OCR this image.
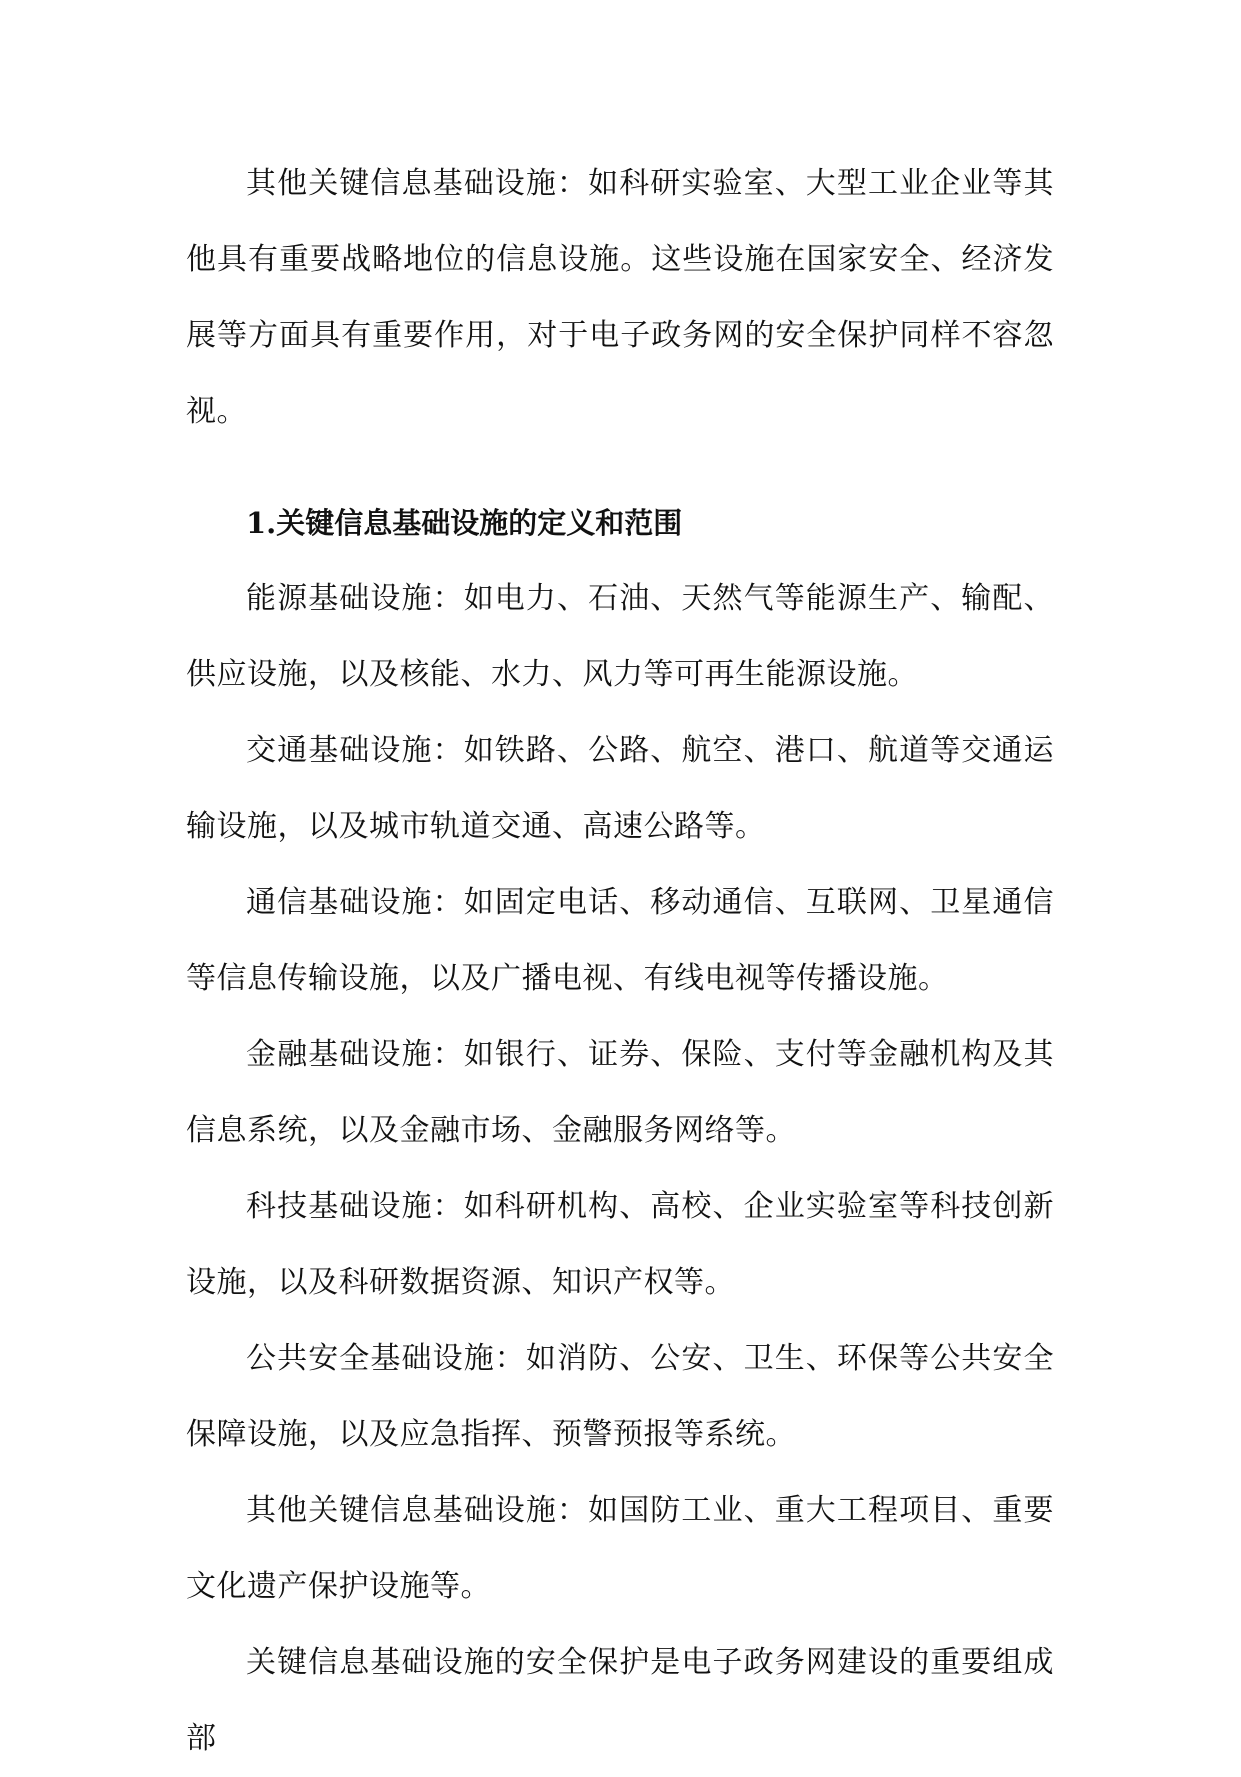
其他关键信息基础设施：如科研实验室、大型工业企业等其他具有重要战略地位的信息设施。这些设施在国家安全、经济发展等方面具有重要作用，对于电子政务网的安全保护同样不容忽视。

1.关键信息基础设施的定义和范围

能源基础设施：如电力、石油、天然气等能源生产、输配、供应设施，以及核能、水力、风力等可再生能源设施。

交通基础设施：如铁路、公路、航空、港口、航道等交通运输设施，以及城市轨道交通、高速公路等。

通信基础设施：如固定电话、移动通信、互联网、卫星通信等信息传输设施，以及广播电视、有线电视等传播设施。

金融基础设施：如银行、证券、保险、支付等金融机构及其信息系统，以及金融市场、金融服务网络等。

科技基础设施：如科研机构、高校、企业实验室等科技创新设施，以及科研数据资源、知识产权等。

公共安全基础设施：如消防、公安、卫生、环保等公共安全保障设施，以及应急指挥、预警预报等系统。

其他关键信息基础设施：如国防工业、重大工程项目、重要文化遗产保护设施等。

关键信息基础设施的安全保护是电子政务网建设的重要组成部
